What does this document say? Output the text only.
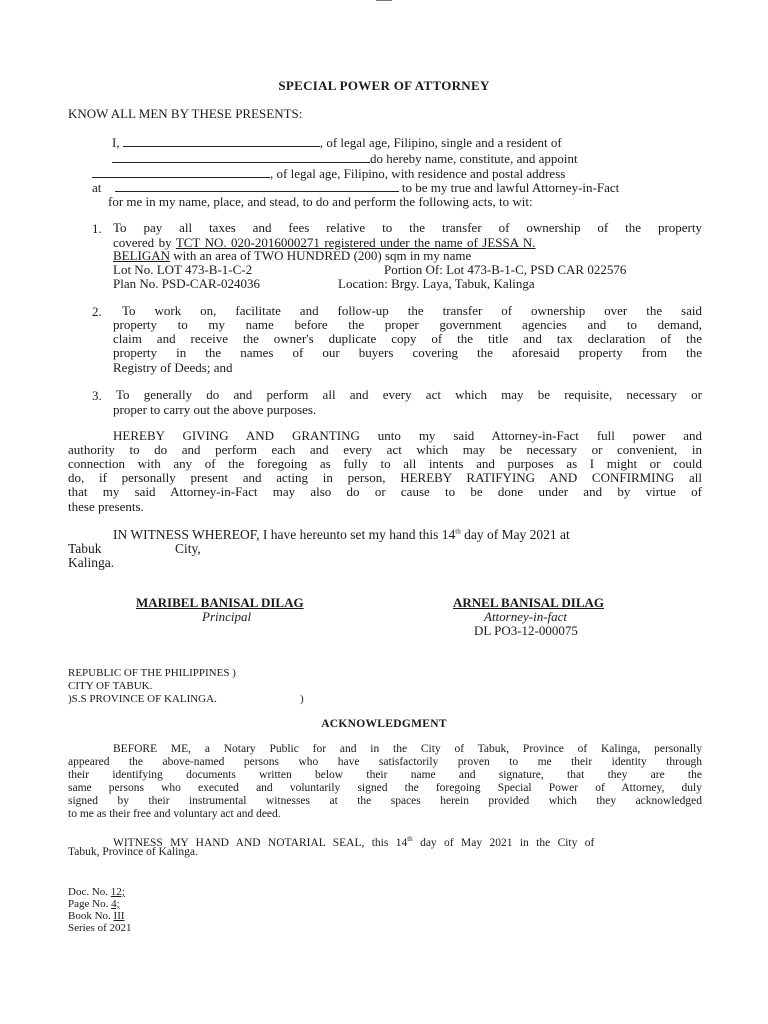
SPECIAL POWER OF ATTORNEY
KNOW ALL MEN BY THESE PRESENTS:
I,	, of legal age, Filipino, single and a resident of
do hereby name, constitute, and appoint
, of legal age, Filipino, with residence and postal address
at	to be my true and lawful Attorney-in-Fact
for me in my name, place, and stead, to do and perform the following acts, to wit:
1. To pay all taxes and fees relative to the transfer of ownership of the property
covered by TCT NO. 020-2016000271 registered under the name of JESSA N.
BELIGAN with an area of TWO HUNDRED (200) sqm in my name
Lot No. LOT 473-B-1-C-2	Portion Of: Lot 473-B-1-C, PSD CAR 022576
Plan No. PSD-CAR-024036	Location: Brgy. Laya, Tabuk, Kalinga
2. To work on, facilitate and follow-up the transfer of ownership over the said
property to my name before the proper government agencies and to demand,
claim and receive the owner's duplicate copy of the title and tax declaration of the
property in the names of our buyers covering the aforesaid property from the
Registry of Deeds; and
3. To generally do and perform all and every act which may be requisite, necessary or
proper to carry out the above purposes.
HEREBY GIVING AND GRANTING unto my said Attorney-in-Fact full power and
authority to do and perform each and every act which may be necessary or convenient, in
connection with any of the foregoing as fully to all intents and purposes as I might or could
do, if personally present and acting in person, HEREBY RATIFYING AND CONFIRMING all
that my said Attorney-in-Fact may also do or cause to be done under and by virtue of
these presents.
IN WITNESS WHEREOF, I have hereunto set my hand this 14th day of May 2021 at
Tabuk	City,
Kalinga.
MARIBEL BANISAL DILAG
Principal
ARNEL BANISAL DILAG
Attorney-in-fact
DL PO3-12-000075
REPUBLIC OF THE PHILIPPINES )
CITY OF TABUK.
)S.S PROVINCE OF KALINGA.	)
ACKNOWLEDGMENT
BEFORE ME, a Notary Public for and in the City of Tabuk, Province of Kalinga, personally
appeared the above-named persons who have satisfactorily proven to me their identity through
their identifying documents written below their name and signature, that they are the
same persons who executed and voluntarily signed the foregoing Special Power of Attorney, duly
signed by their instrumental witnesses at the spaces herein provided which they acknowledged
to me as their free and voluntary act and deed.
WITNESS MY HAND AND NOTARIAL SEAL, this 14th day of May 2021 in the City of
Tabuk, Province of Kalinga.
Doc. No. 12;
Page No. 4;
Book No. III
Series of 2021
